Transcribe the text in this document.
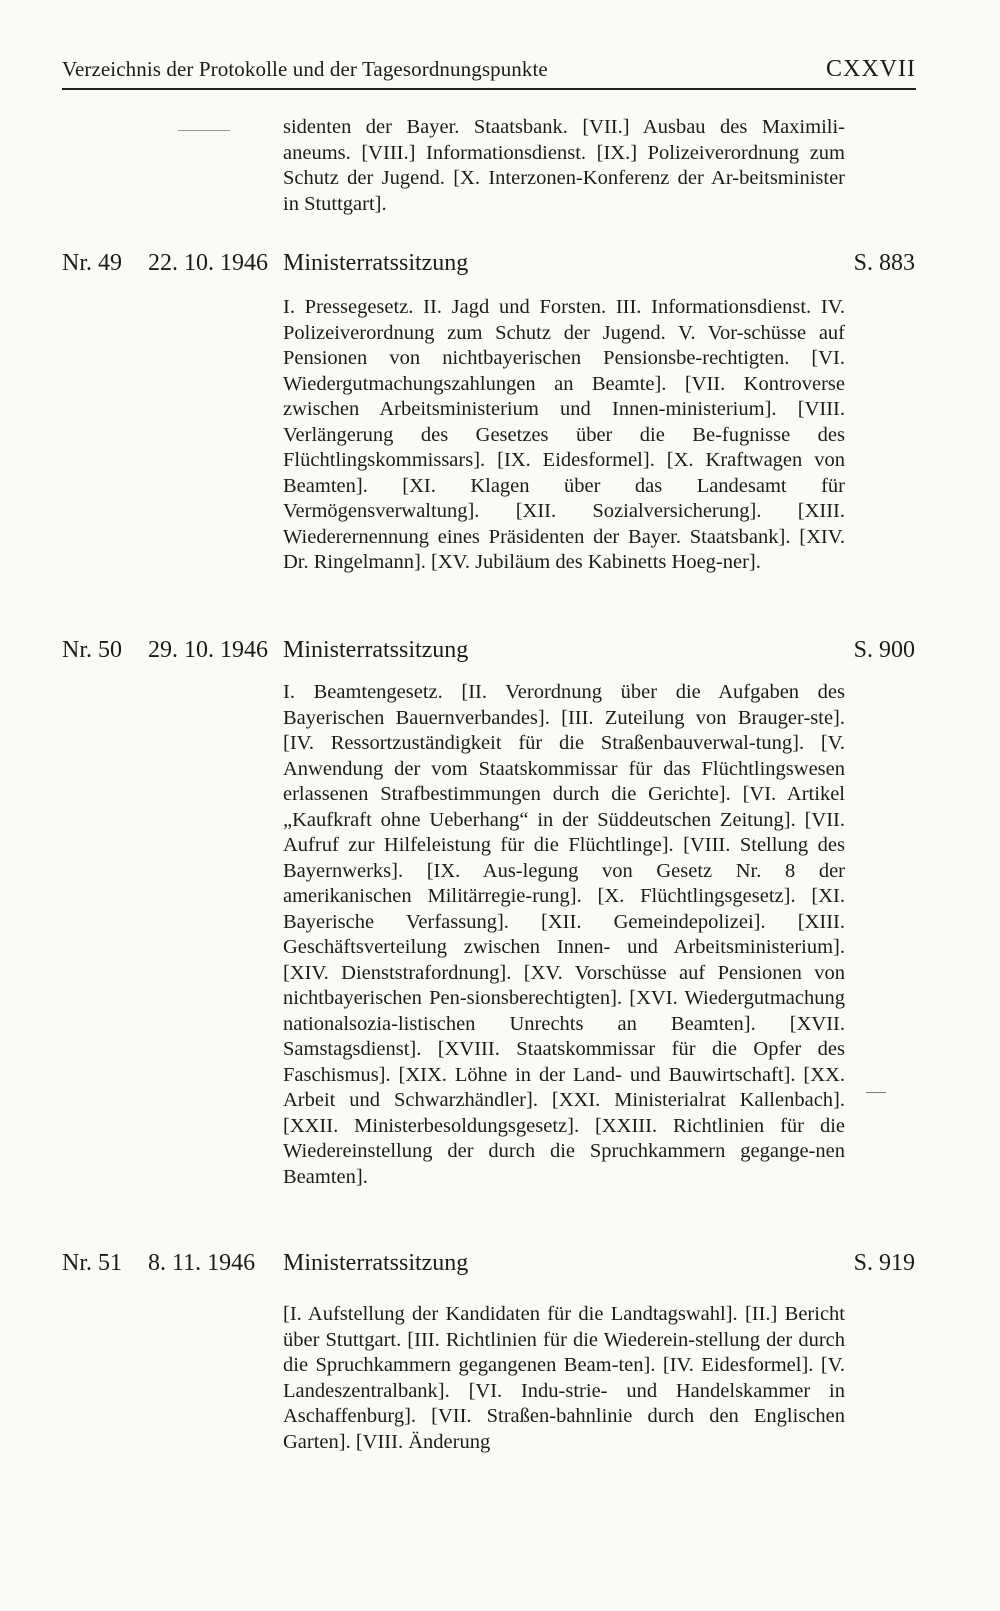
Verzeichnis der Protokolle und der Tagesordnungspunkte	CXXVII
sidenten der Bayer. Staatsbank. [VII.] Ausbau des Maximili-aneums. [VIII.] Informationsdienst. [IX.] Polizeiverordnung zum Schutz der Jugend. [X. Interzonen-Konferenz der Ar-beitsminister in Stuttgart].
Nr. 49 22. 10. 1946 Ministerratssitzung	S. 883
I. Pressegesetz. II. Jagd und Forsten. III. Informationsdienst. IV. Polizeiverordnung zum Schutz der Jugend. V. Vor-schüsse auf Pensionen von nichtbayerischen Pensionsbe-rechtigten. [VI. Wiedergutmachungszahlungen an Beamte]. [VII. Kontroverse zwischen Arbeitsministerium und Innen-ministerium]. [VIII. Verlängerung des Gesetzes über die Be-fugnisse des Flüchtlingskommissars]. [IX. Eidesformel]. [X. Kraftwagen von Beamten]. [XI. Klagen über das Landesamt für Vermögensverwaltung]. [XII. Sozialversicherung]. [XIII. Wiederernennung eines Präsidenten der Bayer. Staatsbank]. [XIV. Dr. Ringelmann]. [XV. Jubiläum des Kabinetts Hoeg-ner].
Nr. 50 29. 10. 1946 Ministerratssitzung	S. 900
I. Beamtengesetz. [II. Verordnung über die Aufgaben des Bayerischen Bauernverbandes]. [III. Zuteilung von Brauger-ste]. [IV. Ressortzuständigkeit für die Straßenbauverwal-tung]. [V. Anwendung der vom Staatskommissar für das Flüchtlingswesen erlassenen Strafbestimmungen durch die Gerichte]. [VI. Artikel „Kaufkraft ohne Ueberhang“ in der Süddeutschen Zeitung]. [VII. Aufruf zur Hilfeleistung für die Flüchtlinge]. [VIII. Stellung des Bayernwerks]. [IX. Aus-legung von Gesetz Nr. 8 der amerikanischen Militärregie-rung]. [X. Flüchtlingsgesetz]. [XI. Bayerische Verfassung]. [XII. Gemeindepolizei]. [XIII. Geschäftsverteilung zwischen Innen- und Arbeitsministerium]. [XIV. Dienststrafordnung]. [XV. Vorschüsse auf Pensionen von nichtbayerischen Pen-sionsberechtigten]. [XVI. Wiedergutmachung nationalsozia-listischen Unrechts an Beamten]. [XVII. Samstagsdienst]. [XVIII. Staatskommissar für die Opfer des Faschismus]. [XIX. Löhne in der Land- und Bauwirtschaft]. [XX. Arbeit und Schwarzhändler]. [XXI. Ministerialrat Kallenbach]. [XXII. Ministerbesoldungsgesetz]. [XXIII. Richtlinien für die Wiedereinstellung der durch die Spruchkammern gegange-nen Beamten].
Nr. 51 8. 11. 1946 Ministerratssitzung	S. 919
[I. Aufstellung der Kandidaten für die Landtagswahl]. [II.] Bericht über Stuttgart. [III. Richtlinien für die Wiederein-stellung der durch die Spruchkammern gegangenen Beam-ten]. [IV. Eidesformel]. [V. Landeszentralbank]. [VI. Indu-strie- und Handelskammer in Aschaffenburg]. [VII. Straßen-bahnlinie durch den Englischen Garten]. [VIII. Änderung
